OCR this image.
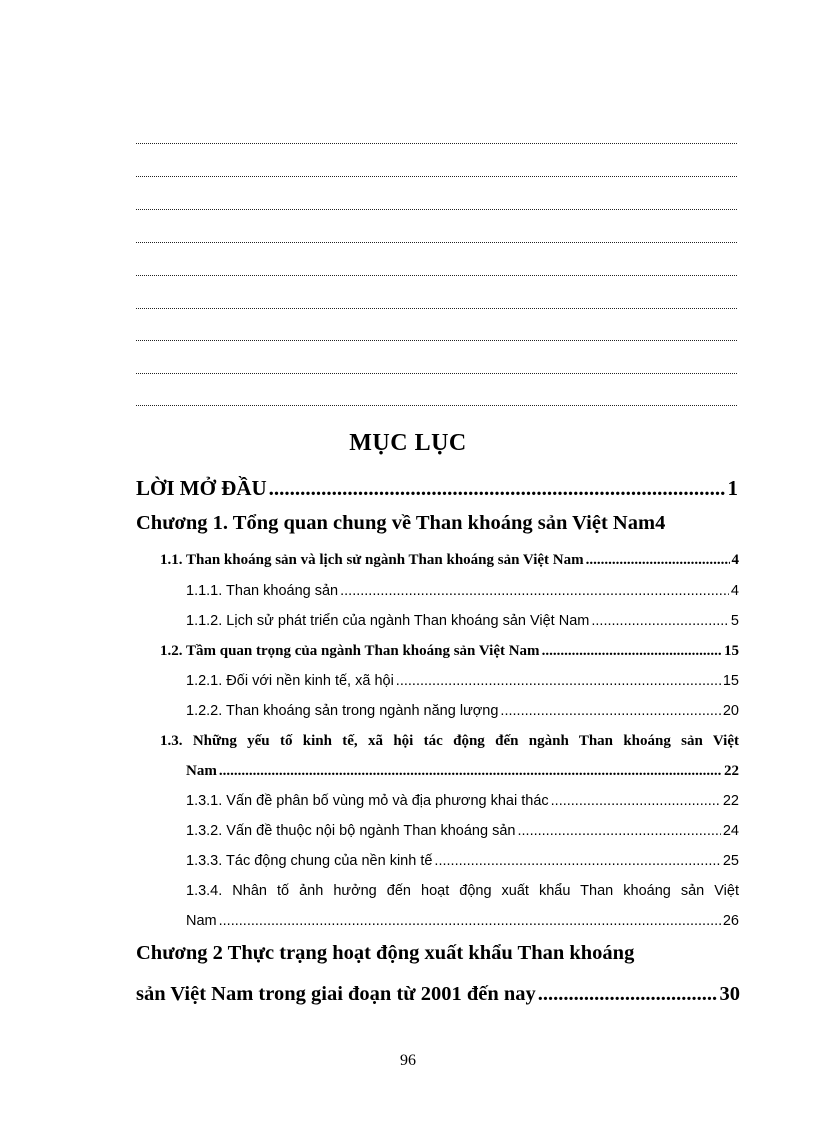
MỤC LỤC
LỜI MỞ ĐẦU .....	1
Chương 1. Tổng quan chung về Than khoáng sản Việt Nam 4
1.1. Than khoáng sản và lịch sử ngành Than khoáng sản Việt Nam .....	4
1.1.1. Than khoáng sản .....	4
1.1.2. Lịch sử phát triển của ngành Than khoáng sản Việt Nam .....	5
1.2. Tầm quan trọng của ngành Than khoáng sản Việt Nam .....	15
1.2.1. Đối với nền kinh tế, xã hội .....	15
1.2.2. Than khoáng sản trong ngành năng lượng .....	20
1.3. Những yếu tố kinh tế, xã hội tác động đến ngành Than khoáng sản Việt
Nam .....	22
1.3.1. Vấn đề phân bố vùng mỏ và địa phương khai thác .....	22
1.3.2. Vấn đề thuộc nội bộ ngành Than khoáng sản .....	24
1.3.3. Tác động chung của nền kinh tế .....	25
1.3.4. Nhân tố ảnh hưởng đến hoạt động xuất khẩu Than khoáng sản Việt
Nam .....	26
Chương 2 Thực trạng hoạt động xuất khẩu Than khoáng
sản Việt Nam trong giai đoạn từ 2001 đến nay .....	30
96
